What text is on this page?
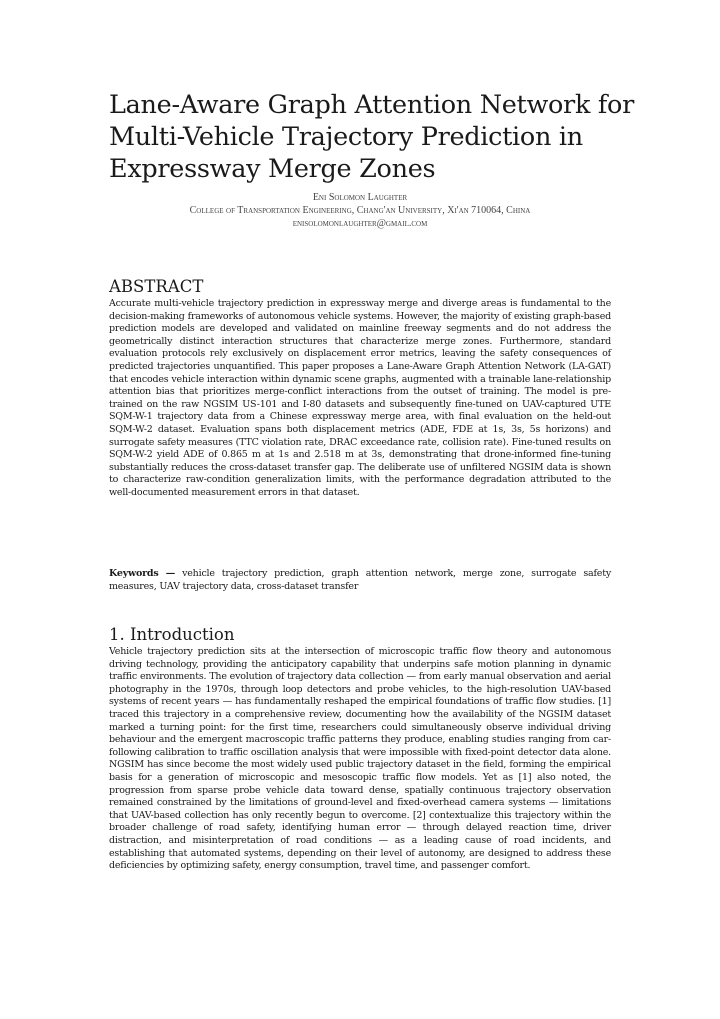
Lane-Aware Graph Attention Network for
Multi-Vehicle Trajectory Prediction in
Expressway Merge Zones
Eni Solomon Laughter
College of Transportation Engineering, Chang'an University, Xi'an 710064, China
enisolomonlaughter@gmail.com
ABSTRACT

Accurate multi-vehicle trajectory prediction in expressway merge and diverge areas is fundamental to the decision-making frameworks of autonomous vehicle systems. However, the majority of existing graph-based prediction models are developed and validated on mainline freeway segments and do not address the geometrically distinct interaction structures that characterize merge zones. Furthermore, standard evaluation protocols rely exclusively on displacement error metrics, leaving the safety consequences of predicted trajectories unquantified. This paper proposes a Lane-Aware Graph Attention Network (LA-GAT) that encodes vehicle interaction within dynamic scene graphs, augmented with a trainable lane-relationship attention bias that prioritizes merge-conflict interactions from the outset of training. The model is pre-trained on the raw NGSIM US-101 and I-80 datasets and subsequently fine-tuned on UAV-captured UTE SQM-W-1 trajectory data from a Chinese expressway merge area, with final evaluation on the held-out SQM-W-2 dataset. Evaluation spans both displacement metrics (ADE, FDE at 1s, 3s, 5s horizons) and surrogate safety measures (TTC violation rate, DRAC exceedance rate, collision rate). Fine-tuned results on SQM-W-2 yield ADE of 0.865 m at 1s and 2.518 m at 3s, demonstrating that drone-informed fine-tuning substantially reduces the cross-dataset transfer gap. The deliberate use of unfiltered NGSIM data is shown to characterize raw-condition generalization limits, with the performance degradation attributed to the well-documented measurement errors in that dataset.

Keywords — vehicle trajectory prediction, graph attention network, merge zone, surrogate safety measures, UAV trajectory data, cross-dataset transfer

1. Introduction

Vehicle trajectory prediction sits at the intersection of microscopic traffic flow theory and autonomous driving technology, providing the anticipatory capability that underpins safe motion planning in dynamic traffic environments. The evolution of trajectory data collection — from early manual observation and aerial photography in the 1970s, through loop detectors and probe vehicles, to the high-resolution UAV-based systems of recent years — has fundamentally reshaped the empirical foundations of traffic flow studies. [1] traced this trajectory in a comprehensive review, documenting how the availability of the NGSIM dataset marked a turning point: for the first time, researchers could simultaneously observe individual driving behaviour and the emergent macroscopic traffic patterns they produce, enabling studies ranging from car-following calibration to traffic oscillation analysis that were impossible with fixed-point detector data alone. NGSIM has since become the most widely used public trajectory dataset in the field, forming the empirical basis for a generation of microscopic and mesoscopic traffic flow models. Yet as [1] also noted, the progression from sparse probe vehicle data toward dense, spatially continuous trajectory observation remained constrained by the limitations of ground-level and fixed-overhead camera systems — limitations that UAV-based collection has only recently begun to overcome. [2] contextualize this trajectory within the broader challenge of road safety, identifying human error — through delayed reaction time, driver distraction, and misinterpretation of road conditions — as a leading cause of road incidents, and establishing that automated systems, depending on their level of autonomy, are designed to address these deficiencies by optimizing safety, energy consumption, travel time, and passenger comfort.
